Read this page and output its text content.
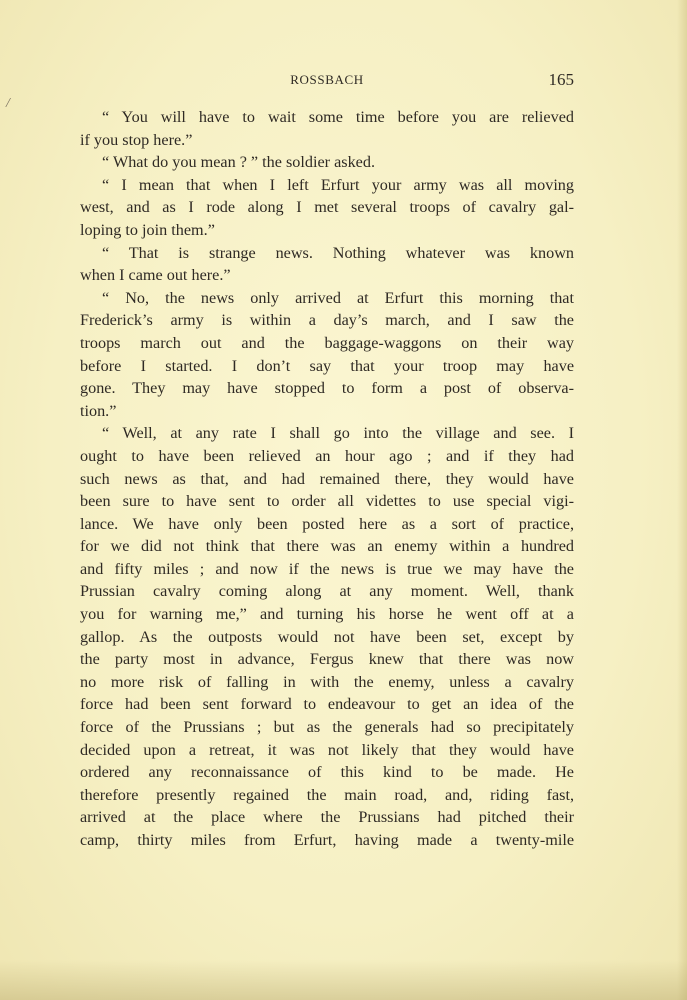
/
ROSSBACH	165
“ You will have to wait some time before you are relieved
if you stop here.”
“ What do you mean ? ” the soldier asked.
“ I mean that when I left Erfurt your army was all moving
west, and as I rode along I met several troops of cavalry gal-
loping to join them.”
“ That is strange news. Nothing whatever was known
when I came out here.”
“ No, the news only arrived at Erfurt this morning that
Frederick’s army is within a day’s march, and I saw the
troops march out and the baggage-waggons on their way
before I started. I don’t say that your troop may have
gone. They may have stopped to form a post of observa-
tion.”
“ Well, at any rate I shall go into the village and see. I
ought to have been relieved an hour ago ; and if they had
such news as that, and had remained there, they would have
been sure to have sent to order all videttes to use special vigi-
lance. We have only been posted here as a sort of practice,
for we did not think that there was an enemy within a hundred
and fifty miles ; and now if the news is true we may have the
Prussian cavalry coming along at any moment. Well, thank
you for warning me,” and turning his horse he went off at a
gallop. As the outposts would not have been set, except by
the party most in advance, Fergus knew that there was now
no more risk of falling in with the enemy, unless a cavalry
force had been sent forward to endeavour to get an idea of the
force of the Prussians ; but as the generals had so precipitately
decided upon a retreat, it was not likely that they would have
ordered any reconnaissance of this kind to be made. He
therefore presently regained the main road, and, riding fast,
arrived at the place where the Prussians had pitched their
camp, thirty miles from Erfurt, having made a twenty-mile
